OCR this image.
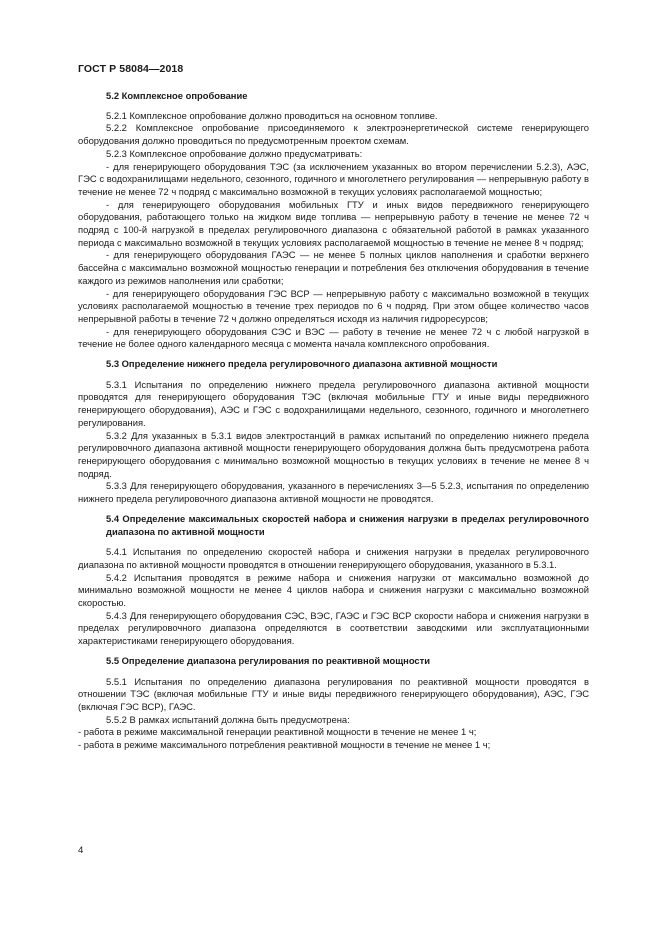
ГОСТ Р 58084—2018
5.2 Комплексное опробование

5.2.1 Комплексное опробование должно проводиться на основном топливе.

5.2.2 Комплексное опробование присоединяемого к электроэнергетической системе генерирующего оборудования должно проводиться по предусмотренным проектом схемам.

5.2.3 Комплексное опробование должно предусматривать:

- для генерирующего оборудования ТЭС (за исключением указанных во втором перечислении 5.2.3), АЭС, ГЭС с водохранилищами недельного, сезонного, годичного и многолетнего регулирования — непрерывную работу в течение не менее 72 ч подряд с максимально возможной в текущих условиях располагаемой мощностью;

- для генерирующего оборудования мобильных ГТУ и иных видов передвижного генерирующего оборудования, работающего только на жидком виде топлива — непрерывную работу в течение не менее 72 ч подряд с 100-й нагрузкой в пределах регулировочного диапазона с обязательной работой в рамках указанного периода с максимально возможной в текущих условиях располагаемой мощностью в течение не менее 8 ч подряд;

- для генерирующего оборудования ГАЭС — не менее 5 полных циклов наполнения и сработки верхнего бассейна с максимально возможной мощностью генерации и потребления без отключения оборудования в течение каждого из режимов наполнения или сработки;

- для генерирующего оборудования ГЭС ВСР — непрерывную работу с максимально возможной в текущих условиях располагаемой мощностью в течение трех периодов по 6 ч подряд. При этом общее количество часов непрерывной работы в течение 72 ч должно определяться исходя из наличия гидроресурсов;

- для генерирующего оборудования СЭС и ВЭС — работу в течение не менее 72 ч с любой нагрузкой в течение не более одного календарного месяца с момента начала комплексного опробования.

5.3 Определение нижнего предела регулировочного диапазона активной мощности

5.3.1 Испытания по определению нижнего предела регулировочного диапазона активной мощности проводятся для генерирующего оборудования ТЭС (включая мобильные ГТУ и иные виды передвижного генерирующего оборудования), АЭС и ГЭС с водохранилищами недельного, сезонного, годичного и многолетнего регулирования.

5.3.2 Для указанных в 5.3.1 видов электростанций в рамках испытаний по определению нижнего предела регулировочного диапазона активной мощности генерирующего оборудования должна быть предусмотрена работа генерирующего оборудования с минимально возможной мощностью в текущих условиях в течение не менее 8 ч подряд.

5.3.3 Для генерирующего оборудования, указанного в перечислениях 3—5 5.2.3, испытания по определению нижнего предела регулировочного диапазона активной мощности не проводятся.

5.4 Определение максимальных скоростей набора и снижения нагрузки в пределах регулировочного диапазона по активной мощности

5.4.1 Испытания по определению скоростей набора и снижения нагрузки в пределах регулировочного диапазона по активной мощности проводятся в отношении генерирующего оборудования, указанного в 5.3.1.

5.4.2 Испытания проводятся в режиме набора и снижения нагрузки от максимально возможной до минимально возможной мощности не менее 4 циклов набора и снижения нагрузки с максимально возможной скоростью.

5.4.3 Для генерирующего оборудования СЭС, ВЭС, ГАЭС и ГЭС ВСР скорости набора и снижения нагрузки в пределах регулировочного диапазона определяются в соответствии заводскими или эксплуатационными характеристиками генерирующего оборудования.

5.5 Определение диапазона регулирования по реактивной мощности

5.5.1 Испытания по определению диапазона регулирования по реактивной мощности проводятся в отношении ТЭС (включая мобильные ГТУ и иные виды передвижного генерирующего оборудования), АЭС, ГЭС (включая ГЭС ВСР), ГАЭС.

5.5.2 В рамках испытаний должна быть предусмотрена:

- работа в режиме максимальной генерации реактивной мощности в течение не менее 1 ч;

- работа в режиме максимального потребления реактивной мощности в течение не менее 1 ч;

4
